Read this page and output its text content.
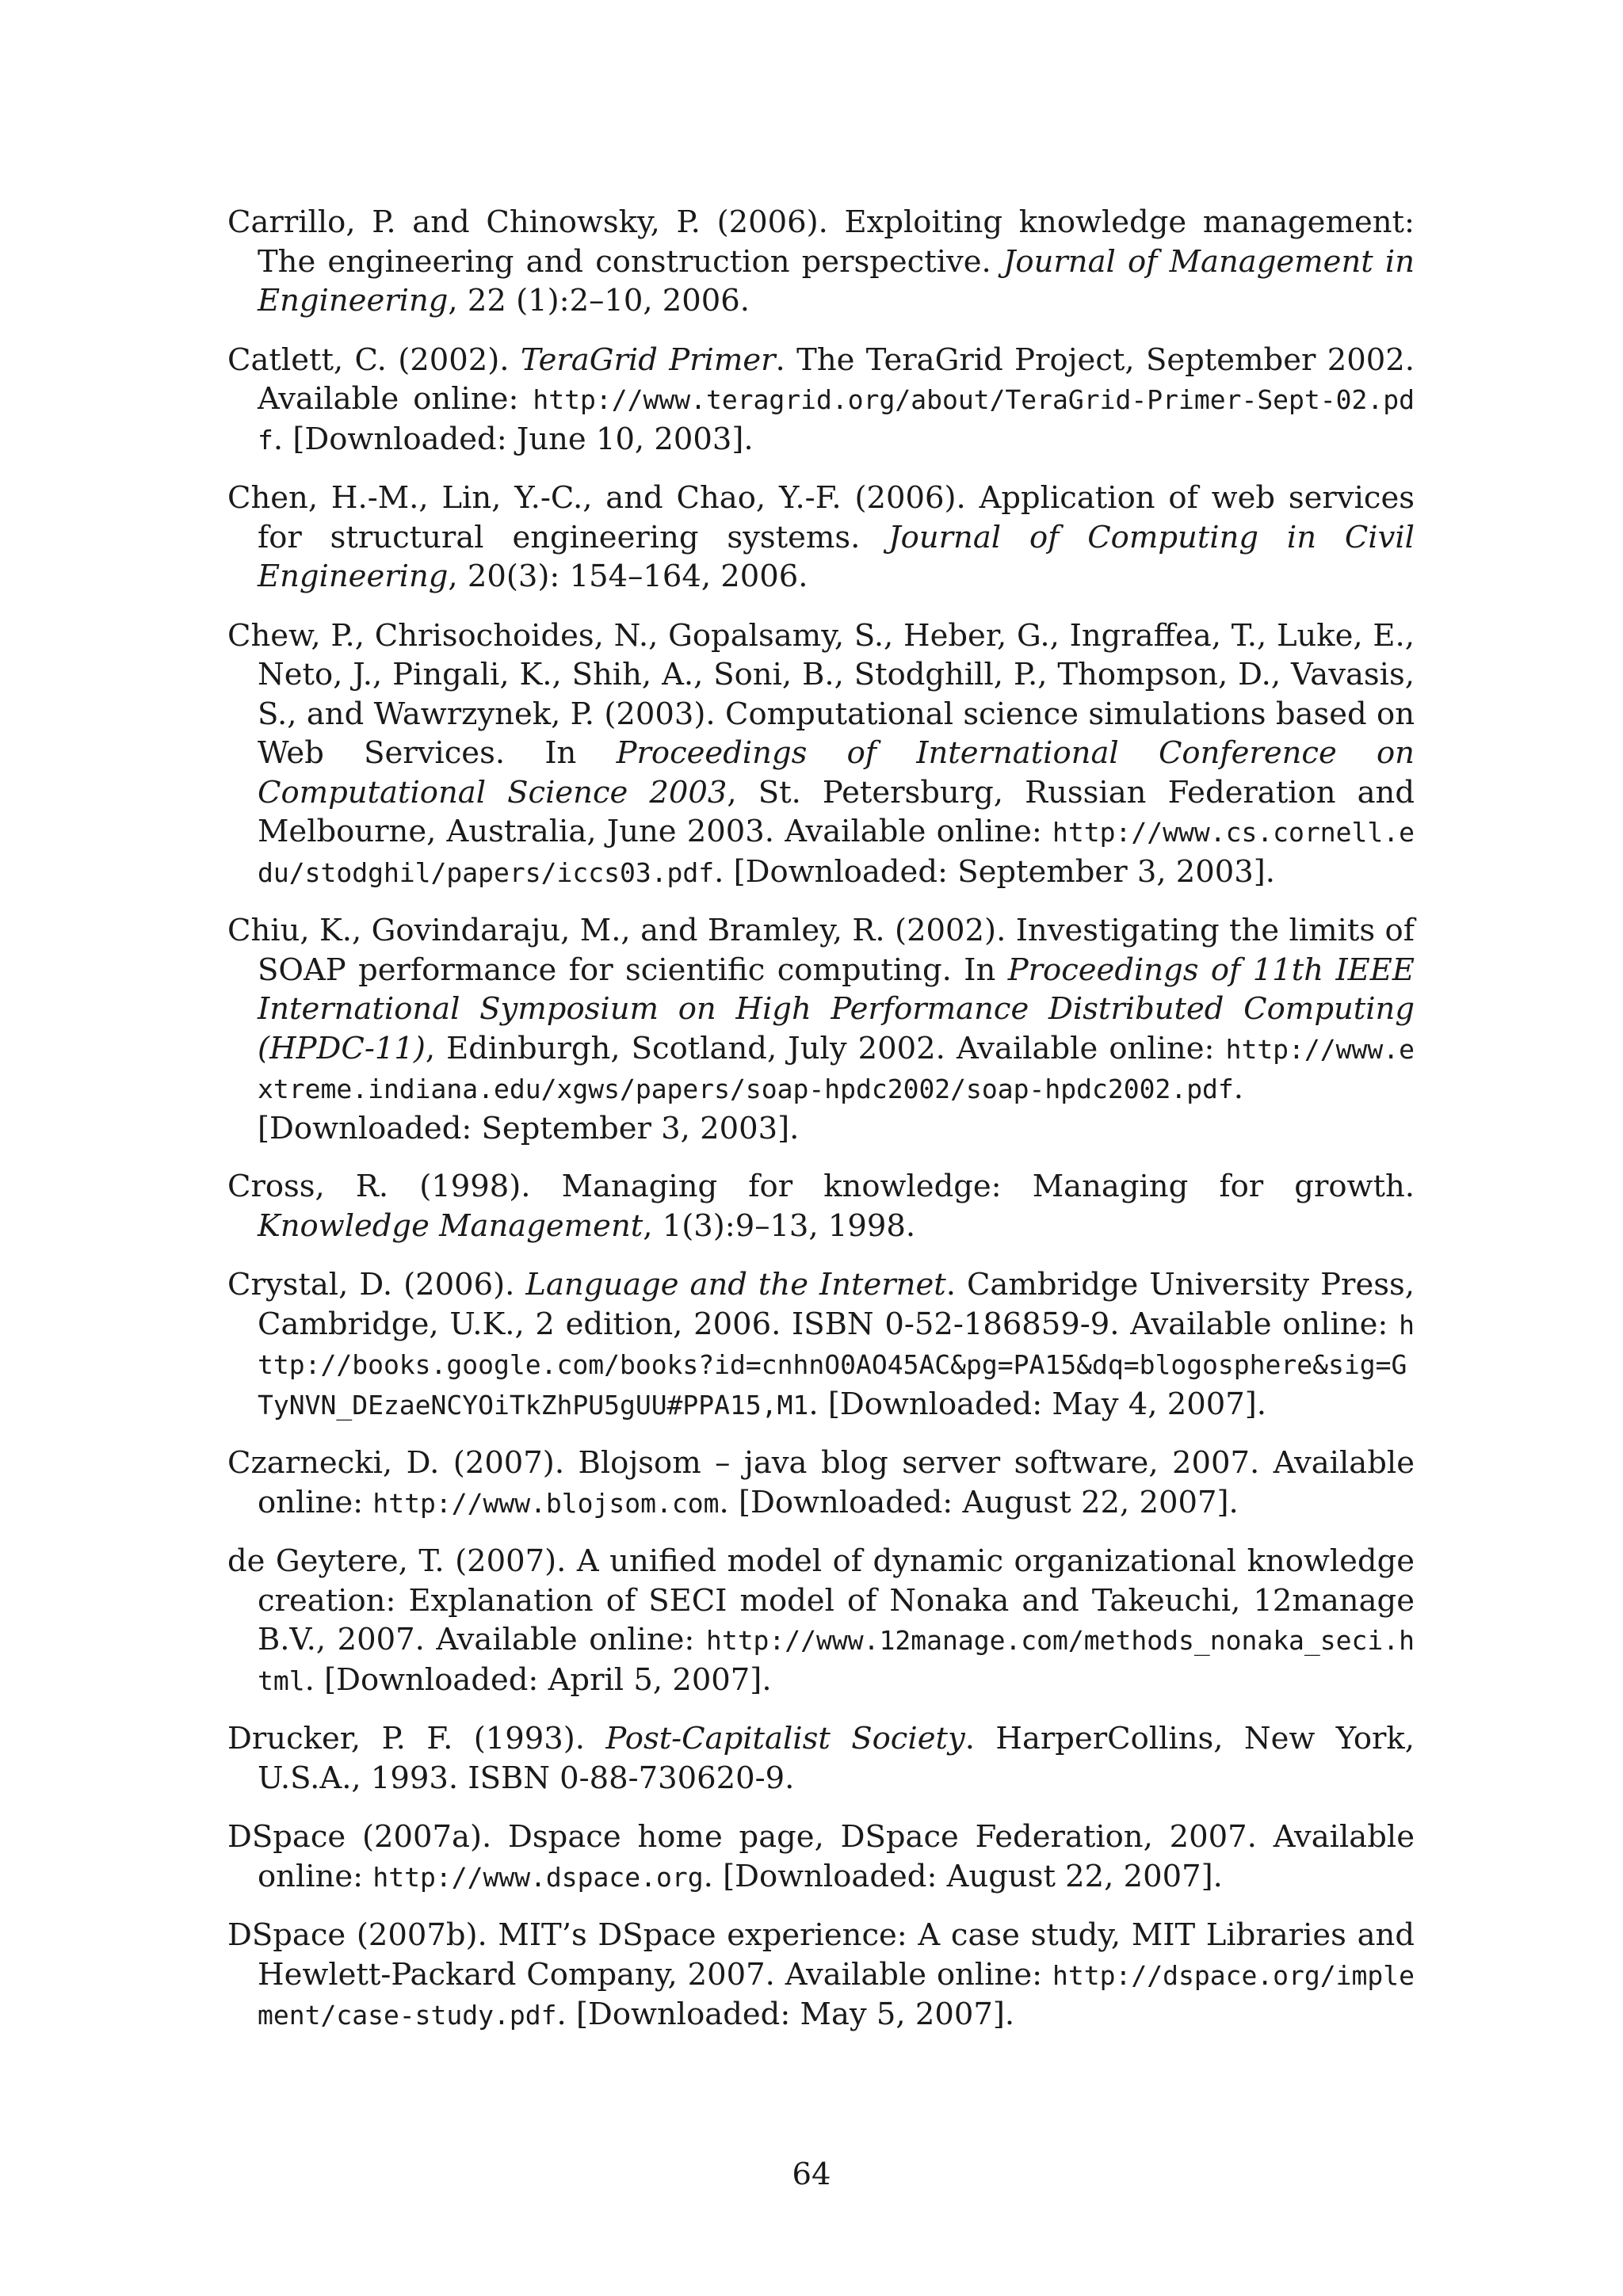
Carrillo, P. and Chinowsky, P. (2006). Exploiting knowledge management: The engineering and construction perspective. Journal of Management in Engineering, 22 (1):2–10, 2006.

Catlett, C. (2002). TeraGrid Primer. The TeraGrid Project, September 2002. Available online: http://www.teragrid.org/about/TeraGrid-Primer-Sept-02.pdf. [Downloaded: June 10, 2003].

Chen, H.-M., Lin, Y.-C., and Chao, Y.-F. (2006). Application of web services for structural engineering systems. Journal of Computing in Civil Engineering, 20(3): 154–164, 2006.

Chew, P., Chrisochoides, N., Gopalsamy, S., Heber, G., Ingraffea, T., Luke, E., Neto, J., Pingali, K., Shih, A., Soni, B., Stodghill, P., Thompson, D., Vavasis, S., and Wawrzynek, P. (2003). Computational science simulations based on Web Services. In Proceedings of International Conference on Computational Science 2003, St. Petersburg, Russian Federation and Melbourne, Australia, June 2003. Available online: http://www.cs.cornell.edu/stodghil/papers/iccs03.pdf. [Downloaded: September 3, 2003].

Chiu, K., Govindaraju, M., and Bramley, R. (2002). Investigating the limits of SOAP performance for scientific computing. In Proceedings of 11th IEEE International Symposium on High Performance Distributed Computing (HPDC-11), Edinburgh, Scotland, July 2002. Available online: http://www.extreme.indiana.edu/xgws/papers/soap-hpdc2002/soap-hpdc2002.pdf. [Downloaded: September 3, 2003].

Cross, R. (1998). Managing for knowledge: Managing for growth. Knowledge Management, 1(3):9–13, 1998.

Crystal, D. (2006). Language and the Internet. Cambridge University Press, Cambridge, U.K., 2 edition, 2006. ISBN 0-52-186859-9. Available online: http://books.google.com/books?id=cnhnO0AO45AC&pg=PA15&dq=blogosphere&sig=GTyNVN_DEzaeNCYOiTkZhPU5gUU#PPA15,M1. [Downloaded: May 4, 2007].

Czarnecki, D. (2007). Blojsom – java blog server software, 2007. Available online: http://www.blojsom.com. [Downloaded: August 22, 2007].

de Geytere, T. (2007). A unified model of dynamic organizational knowledge creation: Explanation of SECI model of Nonaka and Takeuchi, 12manage B.V., 2007. Available online: http://www.12manage.com/methods_nonaka_seci.html. [Downloaded: April 5, 2007].

Drucker, P. F. (1993). Post-Capitalist Society. HarperCollins, New York, U.S.A., 1993. ISBN 0-88-730620-9.

DSpace (2007a). Dspace home page, DSpace Federation, 2007. Available online: http://www.dspace.org. [Downloaded: August 22, 2007].

DSpace (2007b). MIT’s DSpace experience: A case study, MIT Libraries and Hewlett-Packard Company, 2007. Available online: http://dspace.org/implement/case-study.pdf. [Downloaded: May 5, 2007].

64
